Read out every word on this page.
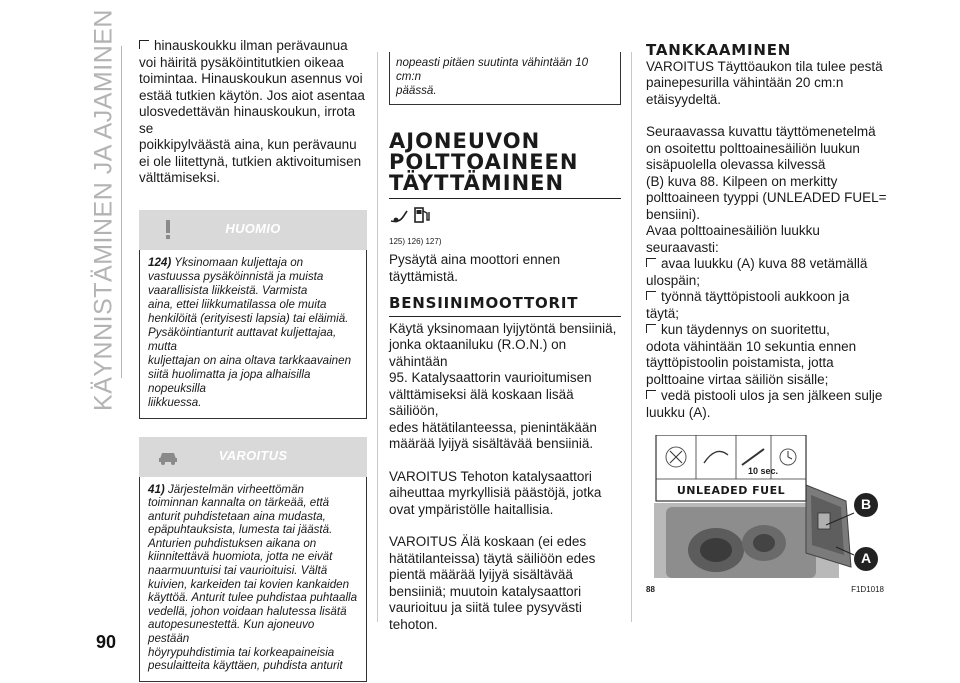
KÄYNNISTÄMINEN JA AJAMINEN
90

hinauskoukku ilman perävaunua

voi häiritä pysäköintitutkien oikeaa

toimintaa. Hinauskoukun asennus voi

estää tutkien käytön. Jos aiot asentaa

ulosvedettävän hinauskoukun, irrota se

poikkipylväästä aina, kun perävaunu

ei ole liitettynä, tutkien aktivoitumisen

välttämiseksi.

HUOMIO

124) Yksinomaan kuljettaja on

vastuussa pysäköinnistä ja muista

vaarallisista liikkeistä. Varmista

aina, ettei liikkumatilassa ole muita

henkilöitä (erityisesti lapsia) tai eläimiä.

Pysäköintianturit auttavat kuljettajaa, mutta

kuljettajan on aina oltava tarkkaavainen

siitä huolimatta ja jopa alhaisilla nopeuksilla

liikkuessa.

VAROITUS

41) Järjestelmän virheettömän

toiminnan kannalta on tärkeää, että

anturit puhdistetaan aina mudasta,

epäpuhtauksista, lumesta tai jäästä.

Anturien puhdistuksen aikana on

kiinnitettävä huomiota, jotta ne eivät

naarmuuntuisi tai vaurioituisi. Vältä

kuivien, karkeiden tai kovien kankaiden

käyttöä. Anturit tulee puhdistaa puhtaalla

vedellä, johon voidaan halutessa lisätä

autopesunestettä. Kun ajoneuvo pestään

höyrypuhdistimia tai korkeapaineisia

pesulaitteita käyttäen, puhdista anturit

nopeasti pitäen suutinta vähintään 10 cm:n

päässä.

AJONEUVON
POLTTOAINEEN
TÄYTTÄMINEN
125) 126) 127)

Pysäytä aina moottori ennen

täyttämistä.

BENSIINIMOOTTORIT

Käytä yksinomaan lyijytöntä bensiiniä,

jonka oktaaniluku (R.O.N.) on vähintään

95. Katalysaattorin vaurioitumisen

välttämiseksi älä koskaan lisää säiliöön,

edes hätätilanteessa, pienintäkään

määrää lyijyä sisältävää bensiiniä.

VAROITUS Tehoton katalysaattori

aiheuttaa myrkyllisiä päästöjä, jotka

ovat ympäristölle haitallisia.

VAROITUS Älä koskaan (ei edes

hätätilanteissa) täytä säiliöön edes

pientä määrää lyijyä sisältävää

bensiiniä; muutoin katalysaattori

vaurioituu ja siitä tulee pysyvästi

tehoton.

TANKKAAMINEN

VAROITUS Täyttöaukon tila tulee pestä

painepesurilla vähintään 20 cm:n

etäisyydeltä.

Seuraavassa kuvattu täyttömenetelmä

on osoitettu polttoainesäiliön luukun

sisäpuolella olevassa kilvessä

(B) kuva 88. Kilpeen on merkitty

polttoaineen tyyppi (UNLEADED FUEL=

bensiini).

Avaa polttoainesäiliön luukku

seuraavasti:

avaa luukku (A) kuva 88 vetämällä

ulospäin;

työnnä täyttöpistooli aukkoon ja

täytä;

kun täydennys on suoritettu,

odota vähintään 10 sekuntia ennen

täyttöpistoolin poistamista, jotta

polttoaine virtaa säiliön sisälle;

vedä pistooli ulos ja sen jälkeen sulje

luukku (A).

10 sec.
UNLEADED FUEL
B
A
88	F1D1018
